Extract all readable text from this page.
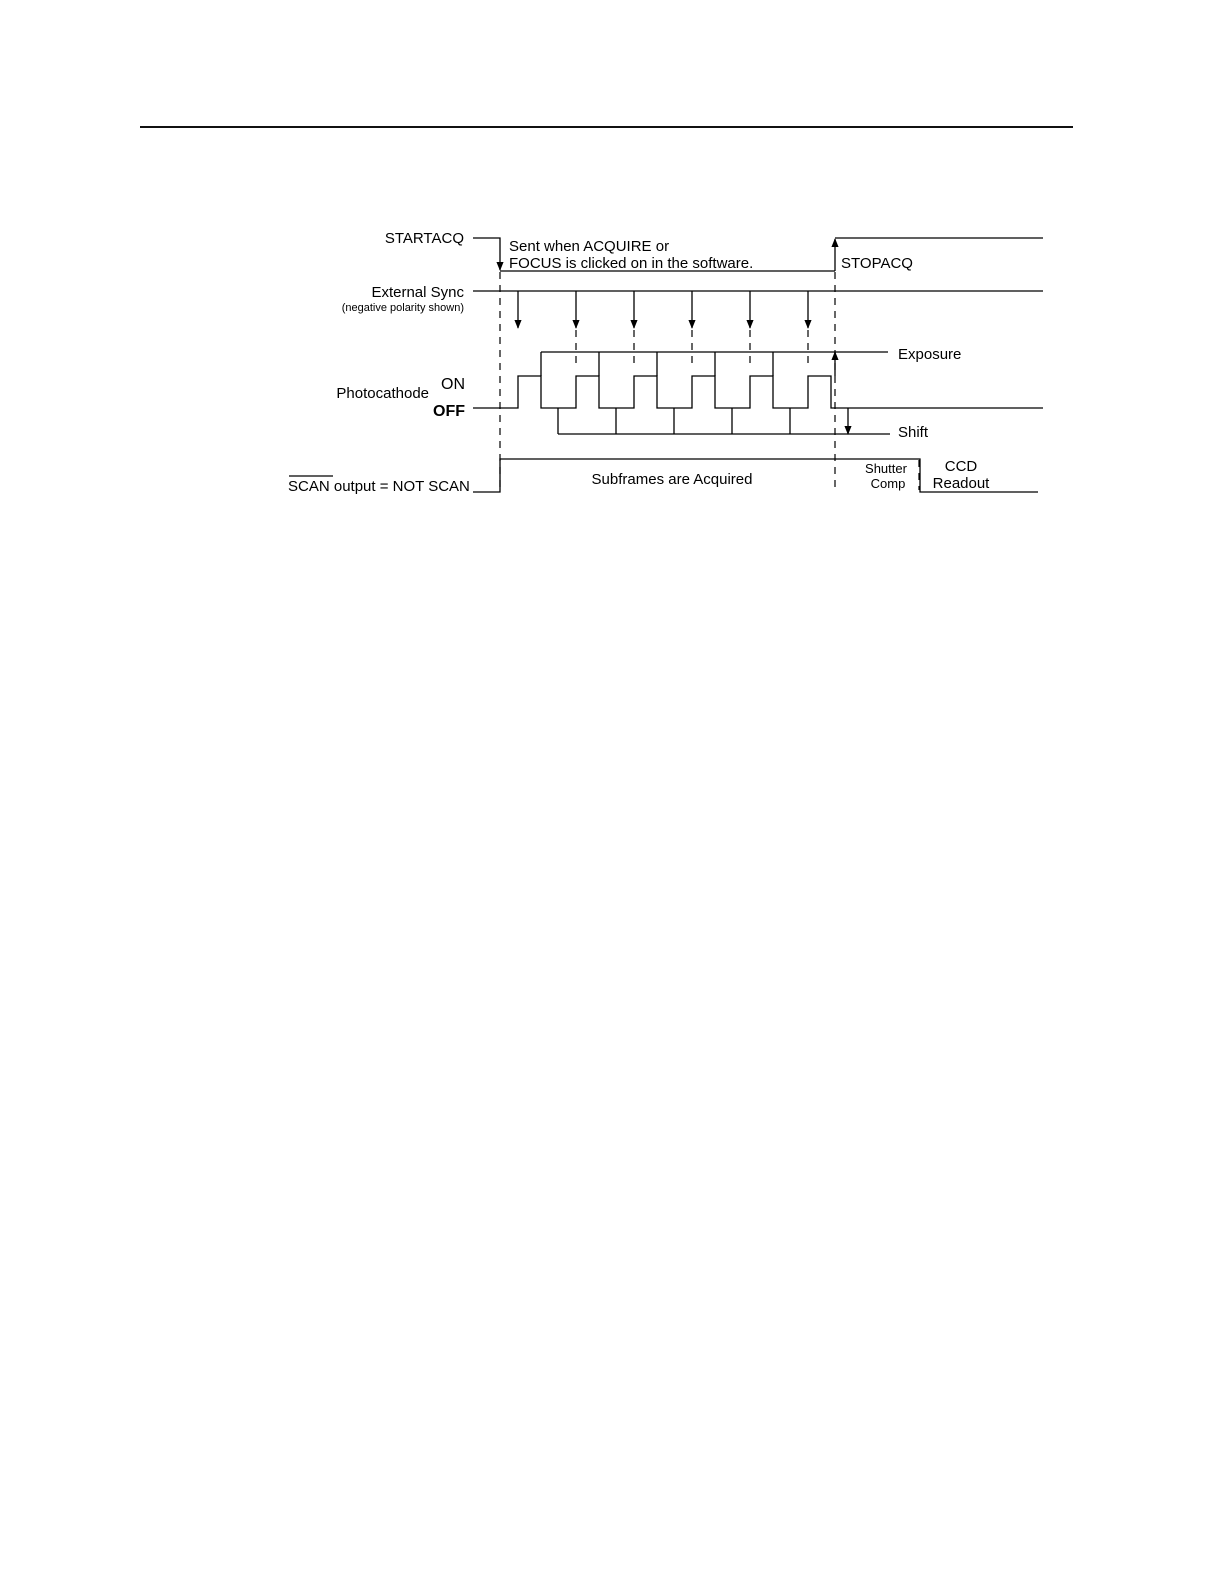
STARTACQ
External Sync
(negative polarity shown)
Photocathode
ON
OFF
SCAN output = NOT SCAN
Sent when ACQUIRE or
FOCUS is clicked on in the software.	STOPACQ
Exposure
Shift
Subframes are Acquired
Shutter
Comp
CCD
Readout
